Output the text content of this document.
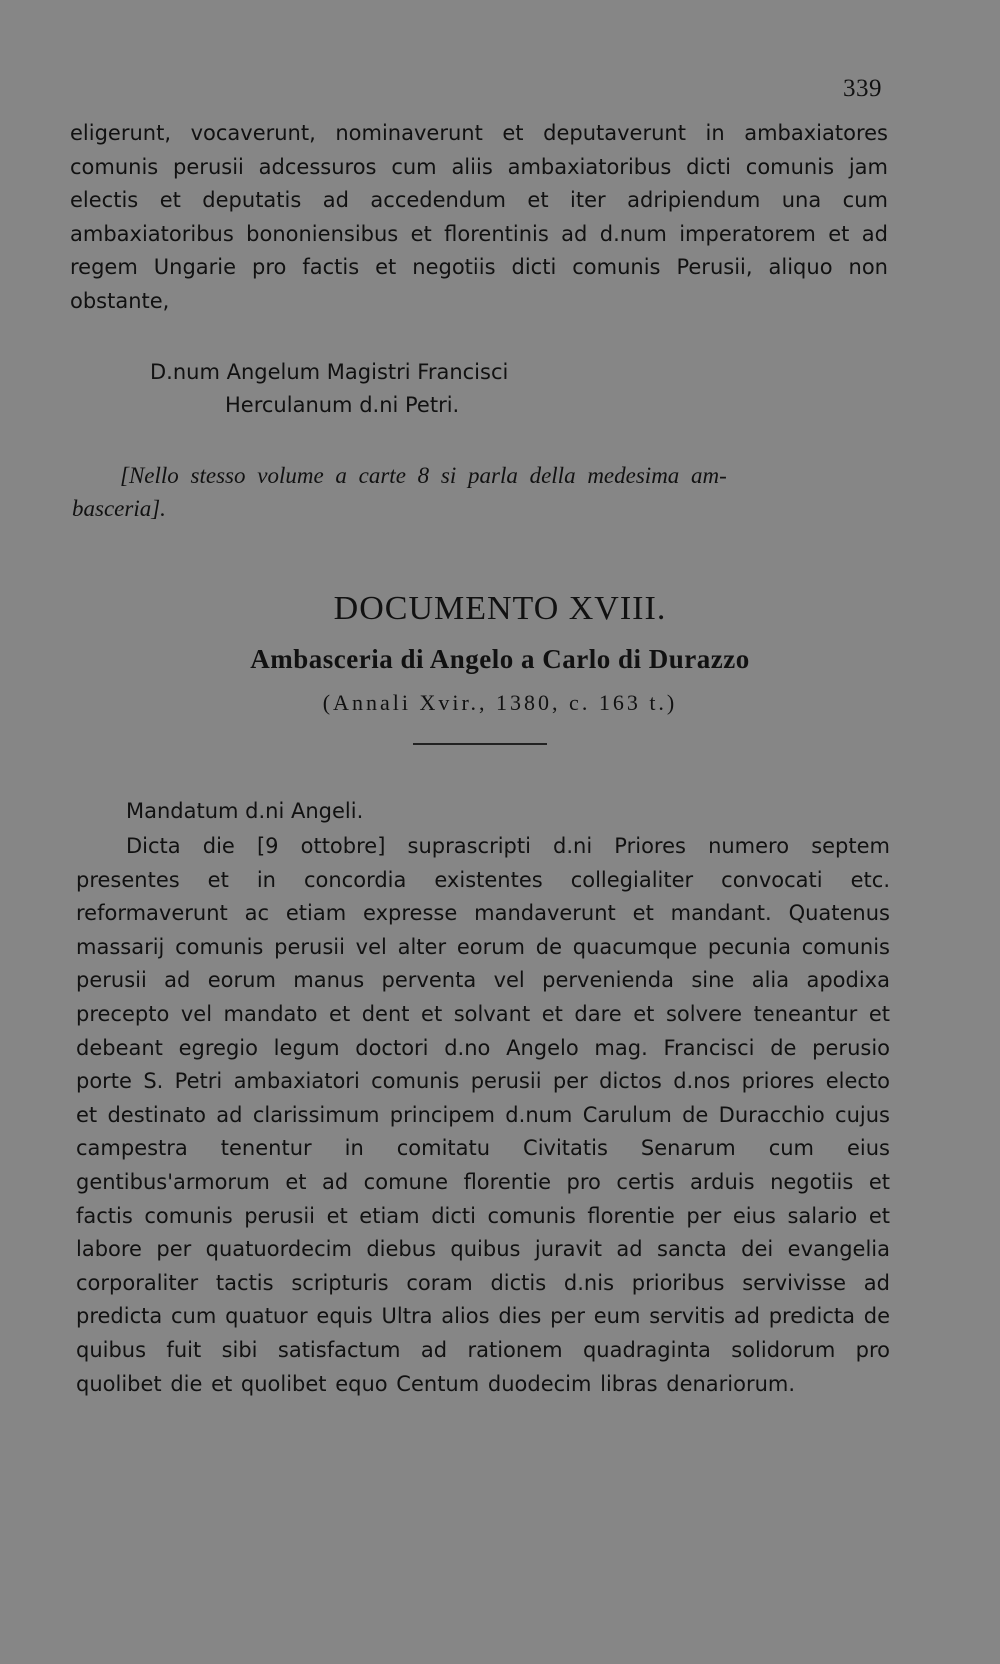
339
eligerunt, vocaverunt, nominaverunt et deputaverunt in ambaxiatores comunis perusii adcessuros cum aliis ambaxiatoribus dicti comunis jam electis et deputatis ad accedendum et iter adripiendum una cum ambaxiatoribus bononiensibus et florentinis ad d.num imperatorem et ad regem Ungarie pro factis et negotiis dicti comunis Perusii, aliquo non obstante,
D.num Angelum Magistri Francisci
Herculanum d.ni Petri.
[Nello stesso volume a carte 8 si parla della medesima am-
basceria].
DOCUMENTO XVIII.
Ambasceria di Angelo a Carlo di Durazzo
(Annali Xvir., 1380, c. 163 t.)
Mandatum d.ni Angeli.
Dicta die [9 ottobre] suprascripti d.ni Priores numero septem presentes et in concordia existentes collegialiter convocati etc. reformaverunt ac etiam expresse mandaverunt et mandant. Quatenus massarij comunis perusii vel alter eorum de quacumque pecunia comunis perusii ad eorum manus perventa vel pervenienda sine alia apodixa precepto vel mandato et dent et solvant et dare et solvere teneantur et debeant egregio legum doctori d.no Angelo mag. Francisci de perusio porte S. Petri ambaxiatori comunis perusii per dictos d.nos priores electo et destinato ad clarissimum principem d.num Carulum de Duracchio cujus campestra tenentur in comitatu Civitatis Senarum cum eius gentibus'armorum et ad comune florentie pro certis arduis negotiis et factis comunis perusii et etiam dicti comunis florentie per eius salario et labore per quatuordecim diebus quibus juravit ad sancta dei evangelia corporaliter tactis scripturis coram dictis d.nis prioribus servivisse ad predicta cum quatuor equis Ultra alios dies per eum servitis ad predicta de quibus fuit sibi satisfactum ad rationem quadraginta solidorum pro quolibet die et quolibet equo Centum duodecim libras denariorum.
